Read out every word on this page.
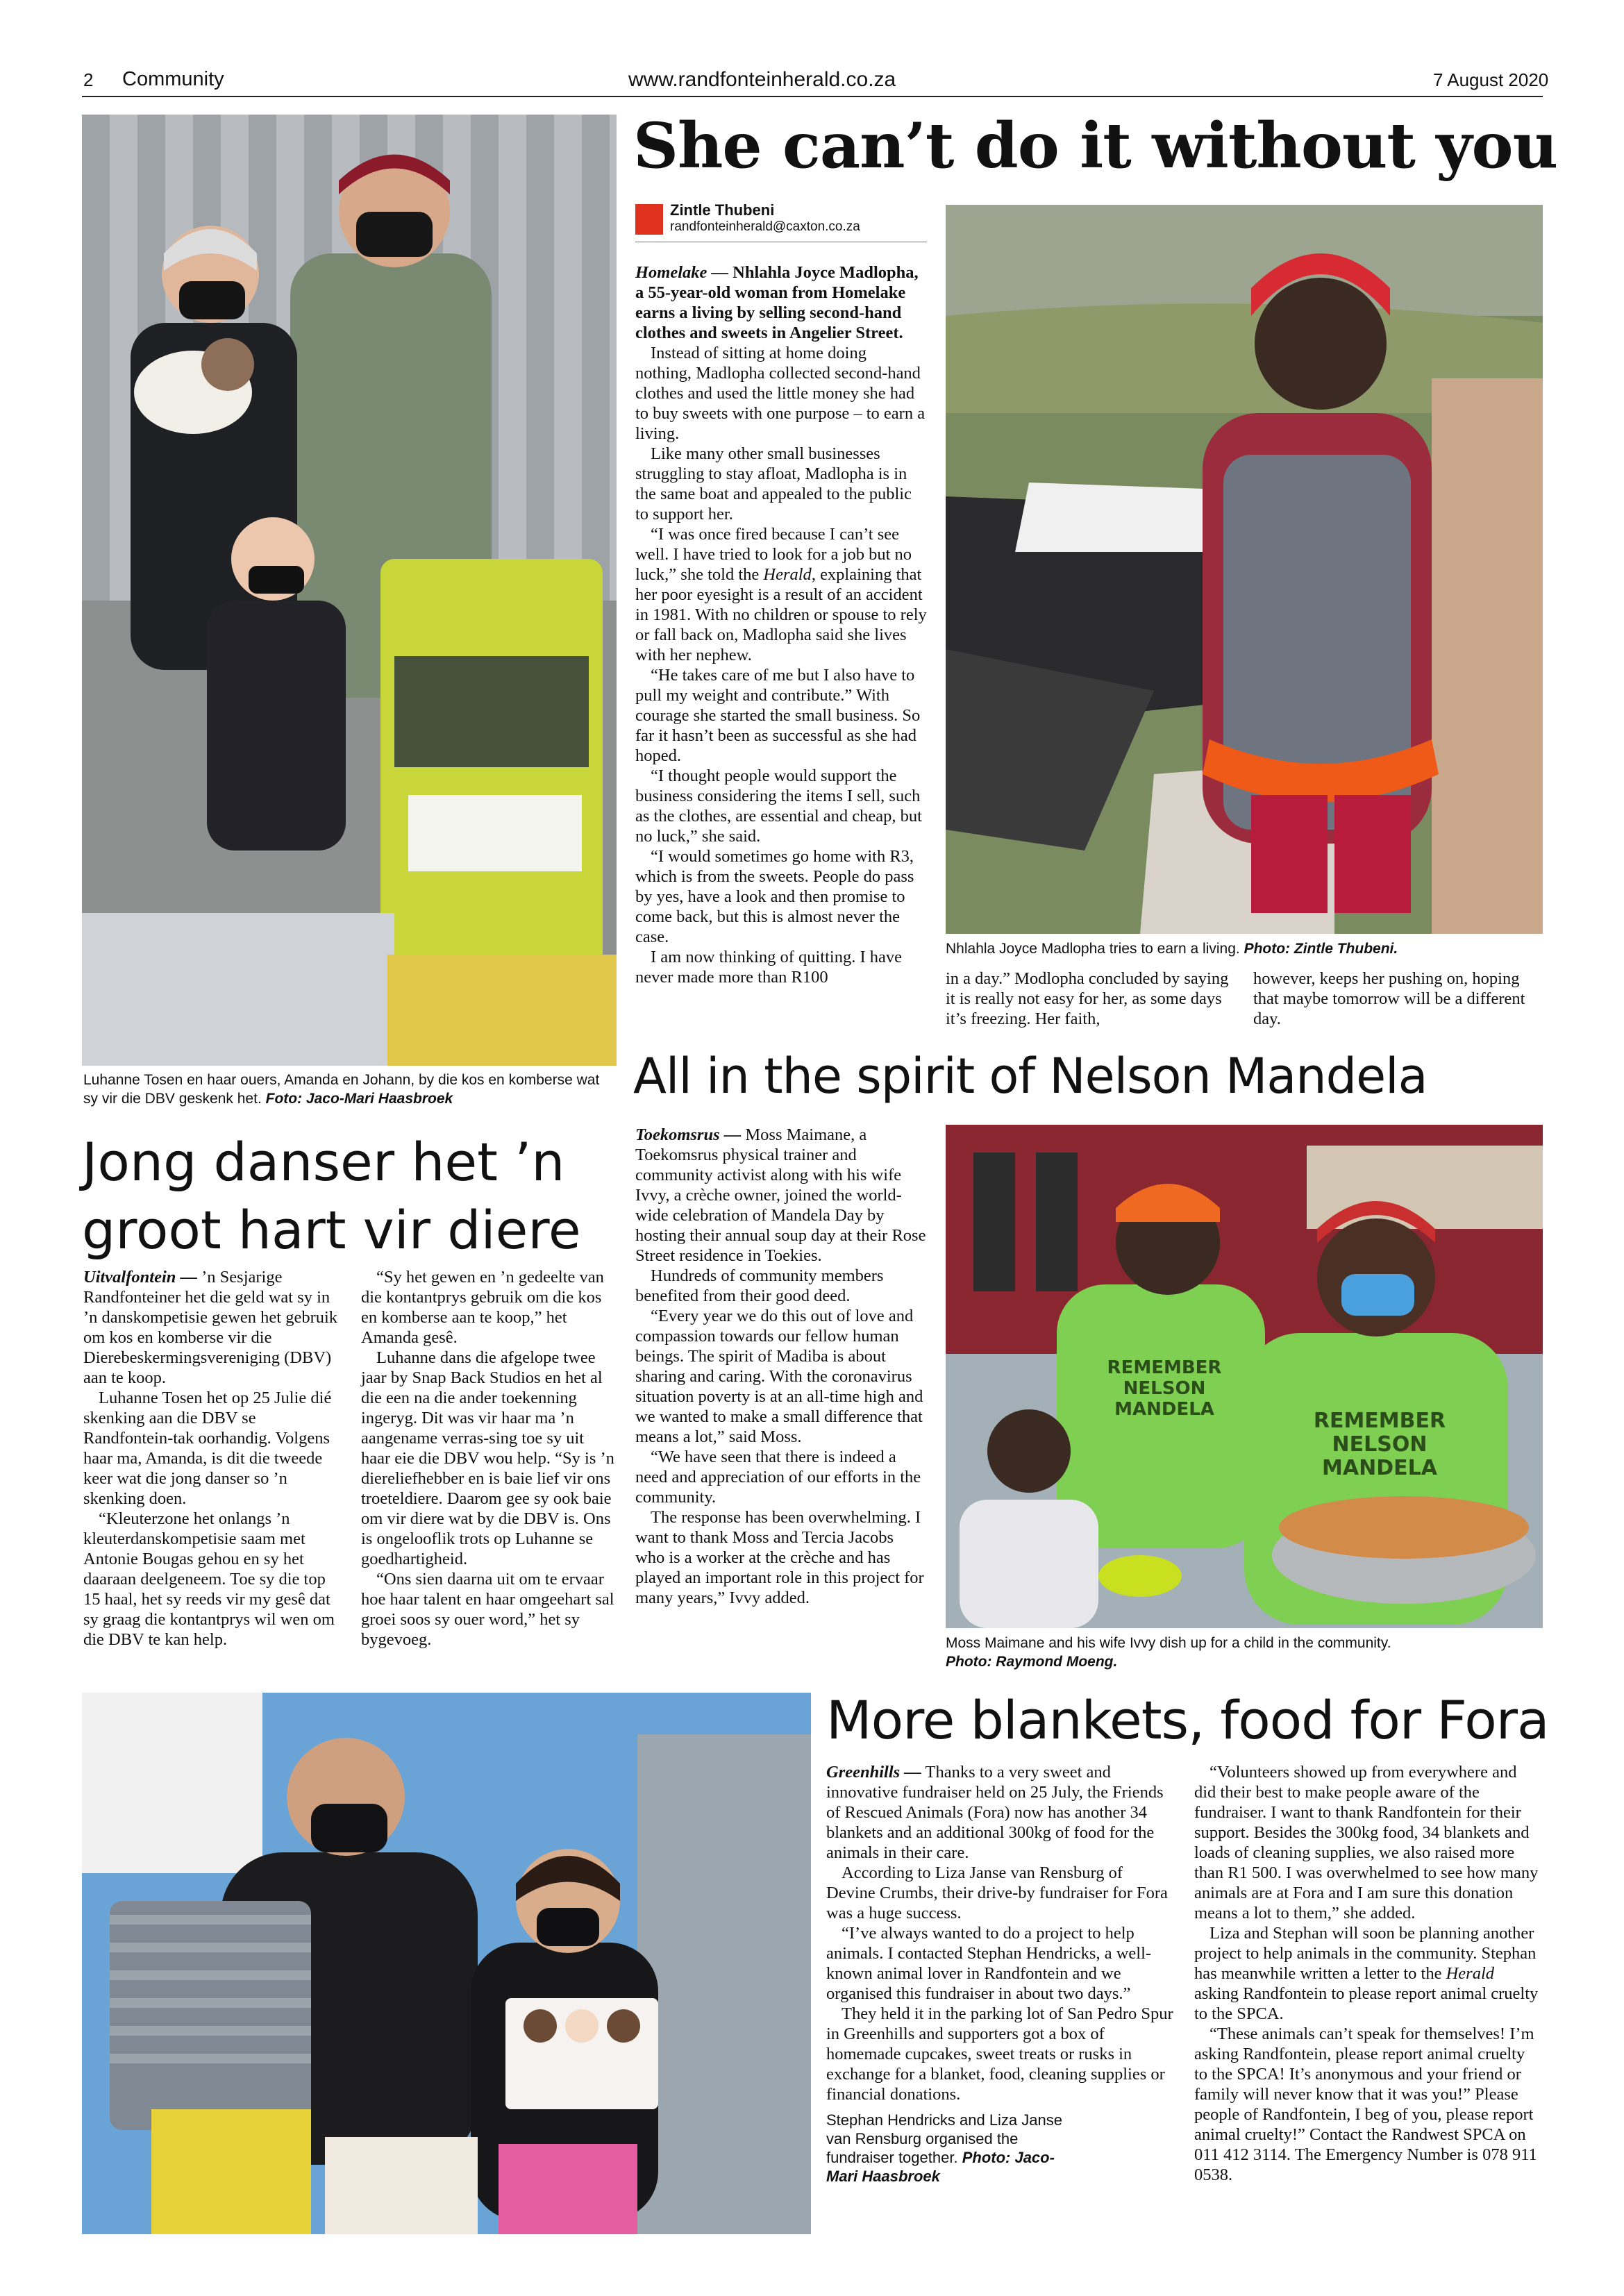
2 Community	www.randfonteinherald.co.za	7 August 2020
Luhanne Tosen en haar ouers, Amanda en Johann, by die kos en komberse wat sy vir die DBV geskenk het. Foto: Jaco-Mari Haasbroek
Jong danser het ’n groot hart vir diere

Uitvalfontein — ’n Sesjarige Randfonteiner het die geld wat sy in ’n danskompetisie gewen het gebruik om kos en komberse vir die Dierebeskermingsvereniging (DBV) aan te koop.

Luhanne Tosen het op 25 Julie dié skenking aan die DBV se Randfontein-tak oorhandig. Volgens haar ma, Amanda, is dit die tweede keer wat die jong danser so ’n skenking doen.

“Kleuterzone het onlangs ’n kleuterdanskompetisie saam met Antonie Bougas gehou en sy het daaraan deelgeneem. Toe sy die top 15 haal, het sy reeds vir my gesê dat sy graag die kontantprys wil wen om die DBV te kan help.

“Sy het gewen en ’n gedeelte van die kontantprys gebruik om die kos en komberse aan te koop,” het Amanda gesê.

Luhanne dans die afgelope twee jaar by Snap Back Studios en het al die een na die ander toekenning ingeryg. Dit was vir haar ma ’n aangename verras-sing toe sy uit haar eie die DBV wou help. “Sy is ’n diereliefhebber en is baie lief vir ons troeteldiere. Daarom gee sy ook baie om vir diere wat by die DBV is. Ons is ongelooflik trots op Luhanne se goedhartigheid.

“Ons sien daarna uit om te ervaar hoe haar talent en haar omgeehart sal groei soos sy ouer word,” het sy bygevoeg.

She can’t do it without you
Zintle Thubeni
randfonteinherald@caxton.co.za

Homelake — Nhlahla Joyce Madlopha, a 55-year-old woman from Homelake earns a living by selling second-hand clothes and sweets in Angelier Street.

Instead of sitting at home doing nothing, Madlopha collected second-hand clothes and used the little money she had to buy sweets with one purpose – to earn a living.

Like many other small businesses struggling to stay afloat, Madlopha is in the same boat and appealed to the public to support her.

“I was once fired because I can’t see well. I have tried to look for a job but no luck,” she told the Herald, explaining that her poor eyesight is a result of an accident in 1981. With no children or spouse to rely or fall back on, Madlopha said she lives with her nephew.

“He takes care of me but I also have to pull my weight and contribute.” With courage she started the small business. So far it hasn’t been as successful as she had hoped.

“I thought people would support the business considering the items I sell, such as the clothes, are essential and cheap, but no luck,” she said.

“I would sometimes go home with R3, which is from the sweets. People do pass by yes, have a look and then promise to come back, but this is almost never the case.

I am now thinking of quitting. I have never made more than R100

Nhlahla Joyce Madlopha tries to earn a living. Photo: Zintle Thubeni.

in a day.” Modlopha concluded by saying it is really not easy for her, as some days it’s freezing. Her faith,

however, keeps her pushing on, hoping that maybe tomorrow will be a different day.

All in the spirit of Nelson Mandela

Toekomsrus — Moss Maimane, a Toekomsrus physical trainer and community activist along with his wife Ivvy, a crèche owner, joined the world-wide celebration of Mandela Day by hosting their annual soup day at their Rose Street residence in Toekies.

Hundreds of community members benefited from their good deed.

“Every year we do this out of love and compassion towards our fellow human beings. The spirit of Madiba is about sharing and caring. With the coronavirus situation poverty is at an all-time high and we wanted to make a small difference that means a lot,” said Moss.

“We have seen that there is indeed a need and appreciation of our efforts in the community.

The response has been overwhelming. I want to thank Moss and Tercia Jacobs who is a worker at the crèche and has played an important role in this project for many years,” Ivvy added.

REMEMBER
NELSON MANDELA	REMEMBER
NELSON MANDELA
Moss Maimane and his wife Ivvy dish up for a child in the community.
Photo: Raymond Moeng.
More blankets, food for Fora

Greenhills — Thanks to a very sweet and innovative fundraiser held on 25 July, the Friends of Rescued Animals (Fora) now has another 34 blankets and an additional 300kg of food for the animals in their care.

According to Liza Janse van Rensburg of Devine Crumbs, their drive-by fundraiser for Fora was a huge success.

“I’ve always wanted to do a project to help animals. I contacted Stephan Hendricks, a well-known animal lover in Randfontein and we organised this fundraiser in about two days.”

They held it in the parking lot of San Pedro Spur in Greenhills and supporters got a box of homemade cupcakes, sweet treats or rusks in exchange for a blanket, food, cleaning supplies or financial donations.

Stephan Hendricks and Liza Janse van Rensburg organised the fundraiser together. Photo: Jaco-Mari Haasbroek

“Volunteers showed up from everywhere and did their best to make people aware of the fundraiser. I want to thank Randfontein for their support. Besides the 300kg food, 34 blankets and loads of cleaning supplies, we also raised more than R1 500. I was overwhelmed to see how many animals are at Fora and I am sure this donation means a lot to them,” she added.

Liza and Stephan will soon be planning another project to help animals in the community. Stephan has meanwhile written a letter to the Herald asking Randfontein to please report animal cruelty to the SPCA.

“These animals can’t speak for themselves! I’m asking Randfontein, please report animal cruelty to the SPCA! It’s anonymous and your friend or family will never know that it was you!” Please people of Randfontein, I beg of you, please report animal cruelty!” Contact the Randwest SPCA on 011 412 3114. The Emergency Number is 078 911 0538.
